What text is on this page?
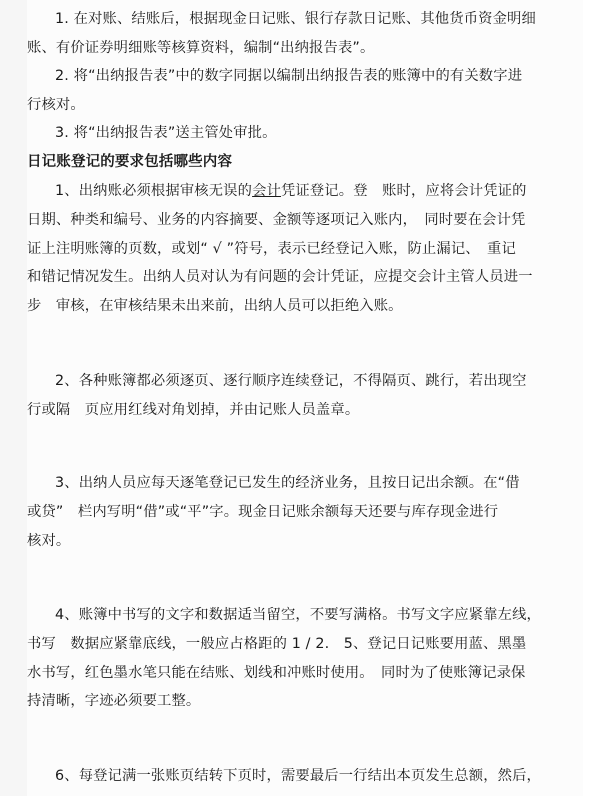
1. 在对账、结账后，根据现金日记账、银行存款日记账、其他货币资金明细
账、有价证券明细账等核算资料，编制“出纳报告表”。
2. 将“出纳报告表”中的数字同据以编制出纳报告表的账簿中的有关数字进
行核对。
3. 将“出纳报告表”送主管处审批。
日记账登记的要求包括哪些内容
1、出纳账必须根据审核无误的会计凭证登记。登　账时，应将会计凭证的
日期、种类和编号、业务的内容摘要、金额等逐项记入账内，　同时要在会计凭
证上注明账簿的页数，或划“ √ ”符号，表示已经登记入账，防止漏记、　重记
和错记情况发生。出纳人员对认为有问题的会计凭证，应提交会计主管人员进一
步　审核，在审核结果未出来前，出纳人员可以拒绝入账。
2、各种账簿都必须逐页、逐行顺序连续登记，不得隔页、跳行，若出现空
行或隔　页应用红线对角划掉，并由记账人员盖章。
3、出纳人员应每天逐笔登记已发生的经济业务，且按日记出余额。在“借
或贷”　栏内写明“借”或“平”字。现金日记账余额每天还要与库存现金进行
核对。
4、账簿中书写的文字和数据适当留空，不要写满格。书写文字应紧靠左线，
书写　数据应紧靠底线，一般应占格距的 1 / 2.　5、登记日记账要用蓝、黑墨
水书写，红色墨水笔只能在结账、划线和冲账时使用。　同时为了使账簿记录保
持清晰，字迹必须要工整。
6、每登记满一张账页结转下页时，需要最后一行结出本页发生总额，然后，
